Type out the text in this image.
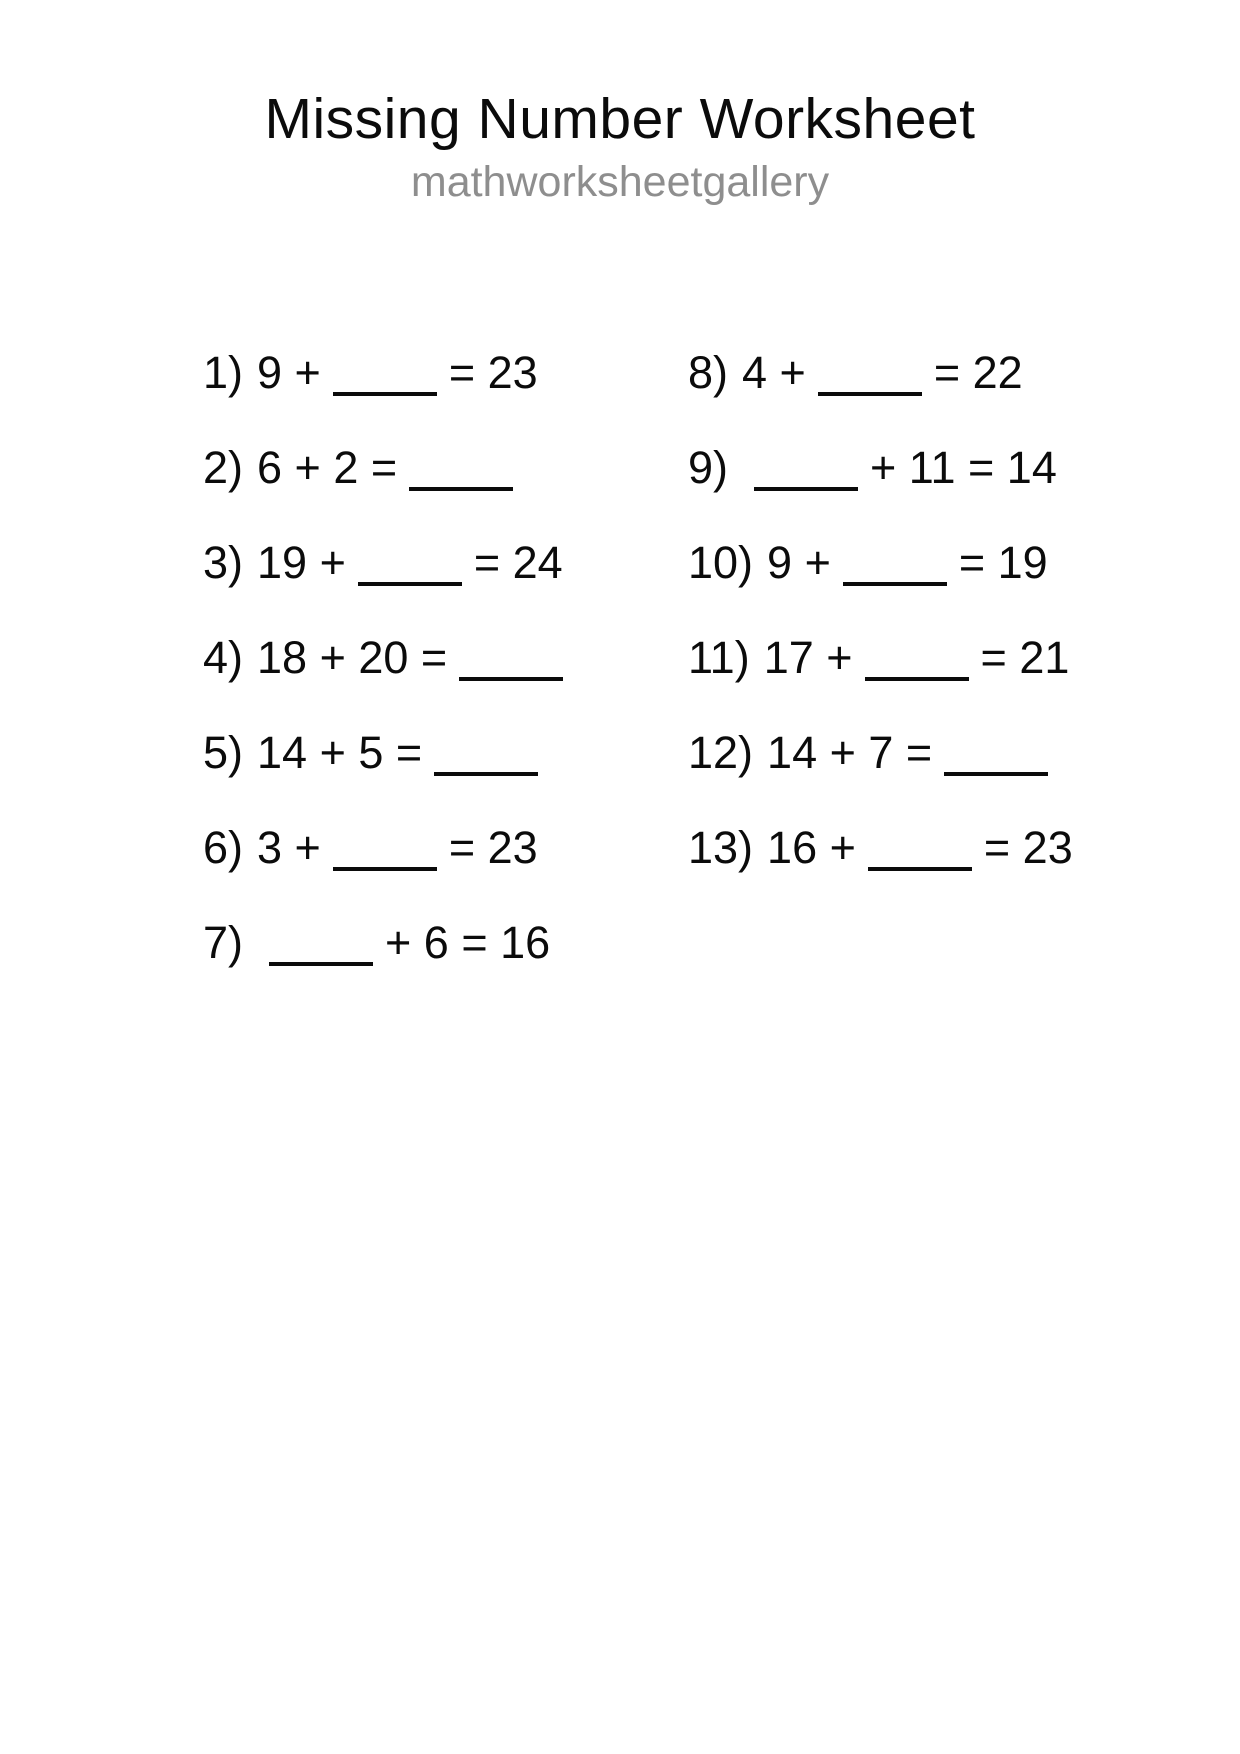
Missing Number Worksheet
mathworksheetgallery
1) 9 +	= 23
2) 6 + 2 =
3) 19 +	= 24
4) 18 + 20 =
5) 14 + 5 =
6) 3 +	= 23
7)	+ 6 = 16
8) 4 +	= 22
9)	+ 11 = 14
10) 9 +	= 19
11) 17 +	= 21
12) 14 + 7 =
13) 16 +	= 23
